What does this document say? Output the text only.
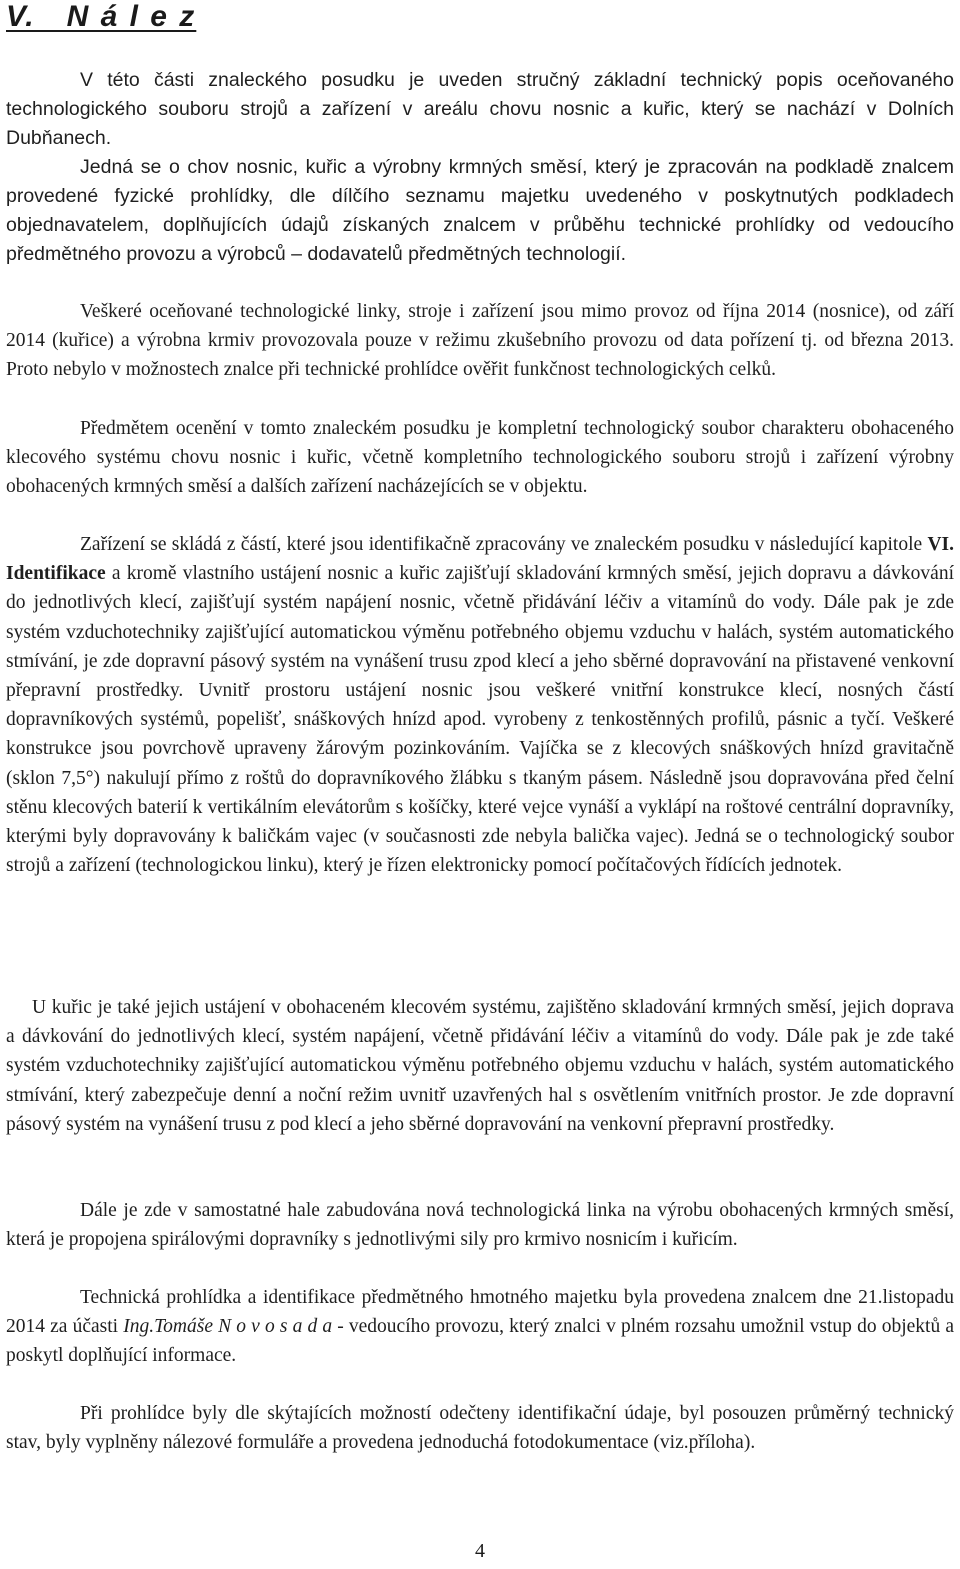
V.   N á l e z

V této části znaleckého posudku je uveden stručný základní technický popis oceňovaného technologického souboru strojů a zařízení v areálu chovu nosnic a kuřic, který se nachází v Dolních Dubňanech.

Jedná se o chov nosnic, kuřic a výrobny krmných směsí, který je zpracován na podkladě znalcem provedené fyzické prohlídky, dle dílčího seznamu majetku uvedeného v poskytnutých podkladech objednavatelem, doplňujících údajů získaných znalcem v průběhu technické prohlídky od vedoucího předmětného provozu a výrobců – dodavatelů předmětných technologií.

Veškeré oceňované technologické linky, stroje i zařízení jsou mimo provoz od října 2014 (nosnice), od září 2014 (kuřice) a výrobna krmiv provozovala pouze v režimu zkušebního provozu od data pořízení tj. od března 2013. Proto nebylo v možnostech znalce při technické prohlídce ověřit funkčnost technologických celků.

Předmětem ocenění v tomto znaleckém posudku je kompletní technologický soubor charakteru obohaceného klecového systému chovu nosnic i kuřic, včetně kompletního technologického souboru strojů i zařízení výrobny obohacených krmných směsí a dalších zařízení nacházejících se v objektu.

Zařízení se skládá z částí, které jsou identifikačně zpracovány ve znaleckém posudku v následující kapitole VI. Identifikace a kromě vlastního ustájení nosnic a kuřic zajišťují skladování krmných směsí, jejich dopravu a dávkování do jednotlivých klecí, zajišťují systém napájení nosnic, včetně přidávání léčiv a vitamínů do vody. Dále pak je zde systém vzduchotechniky zajišťující automatickou výměnu potřebného objemu vzduchu v halách, systém automatického stmívání, je zde dopravní pásový systém na vynášení trusu zpod klecí a jeho sběrné dopravování na přistavené venkovní přepravní prostředky. Uvnitř prostoru ustájení nosnic jsou veškeré vnitřní konstrukce klecí, nosných částí dopravníkových systémů, popelišť, snáškových hnízd apod. vyrobeny z tenkostěnných profilů, pásnic a tyčí. Veškeré konstrukce jsou povrchově upraveny žárovým pozinkováním. Vajíčka se z klecových snáškových hnízd gravitačně (sklon 7,5°) nakulují přímo z roštů do dopravníkového žlábku s tkaným pásem. Následně jsou dopravována před čelní stěnu klecových baterií k vertikálním elevátorům s košíčky, které vejce vynáší a vyklápí na roštové centrální dopravníky, kterými byly dopravovány k baličkám vajec (v současnosti zde nebyla balička vajec). Jedná se o technologický soubor strojů a zařízení (technologickou linku), který je řízen elektronicky pomocí počítačových řídících jednotek.

U kuřic je také jejich ustájení v obohaceném klecovém systému, zajištěno skladování krmných směsí, jejich doprava a dávkování do jednotlivých klecí, systém napájení, včetně přidávání léčiv a vitamínů do vody. Dále pak je zde také systém vzduchotechniky zajišťující automatickou výměnu potřebného objemu vzduchu v halách, systém automatického stmívání, který zabezpečuje denní a noční režim uvnitř uzavřených hal s osvětlením vnitřních prostor. Je zde dopravní pásový systém na vynášení trusu z pod klecí a jeho sběrné dopravování na venkovní přepravní prostředky.

Dále je zde v samostatné hale zabudována nová technologická linka na výrobu obohacených krmných směsí, která je propojena spirálovými dopravníky s jednotlivými sily pro krmivo nosnicím i kuřicím.

Technická prohlídka a identifikace předmětného hmotného majetku byla provedena znalcem dne 21.listopadu 2014 za účasti Ing.Tomáše N o v o s a d a - vedoucího provozu, který znalci v plném rozsahu umožnil vstup do objektů a poskytl doplňující informace.

Při prohlídce byly dle skýtajících možností odečteny identifikační údaje, byl posouzen průměrný technický stav, byly vyplněny nálezové formuláře a provedena jednoduchá fotodokumentace (viz.příloha).

4
